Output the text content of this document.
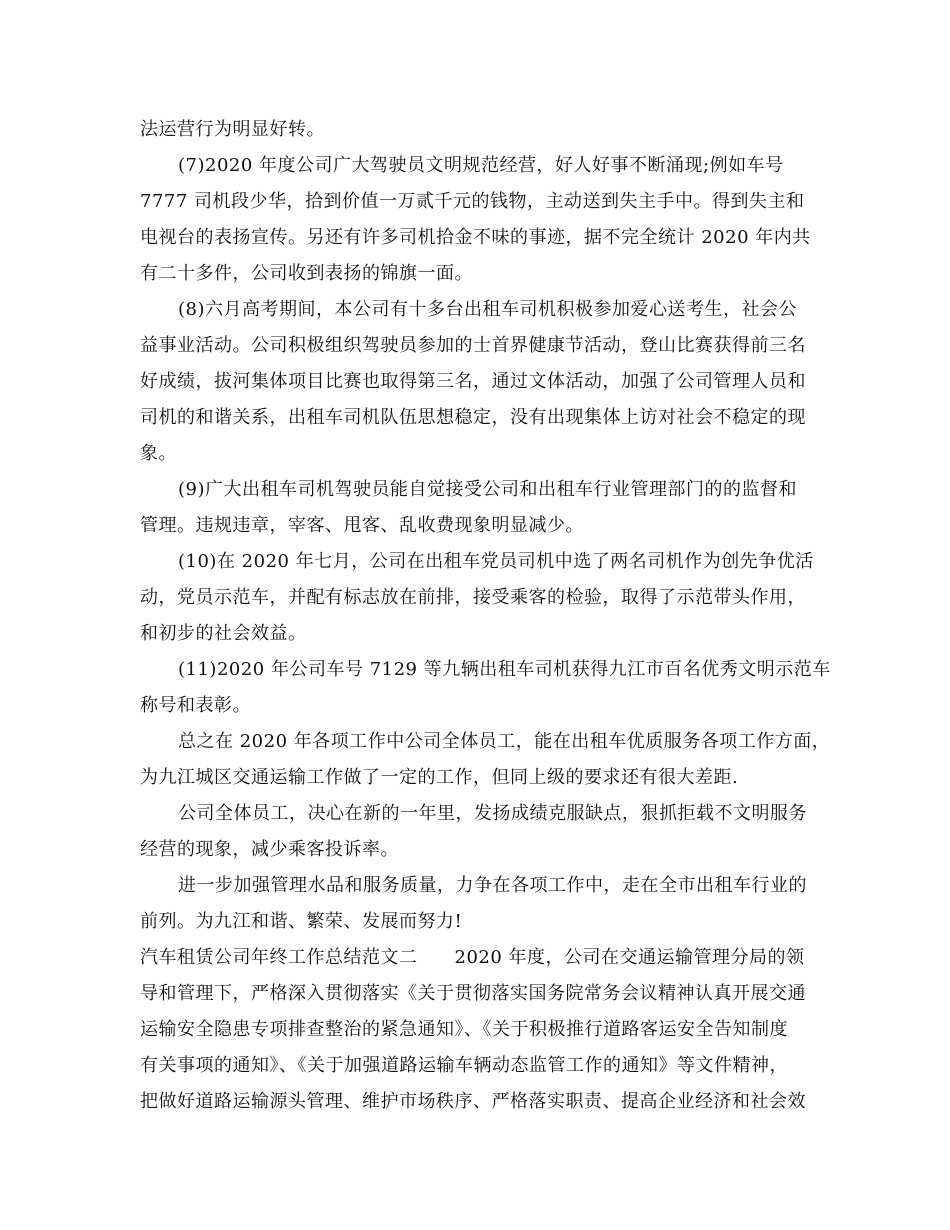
法运营行为明显好转。
(7)2020 年度公司广大驾驶员文明规范经营，好人好事不断涌现;例如车号
7777 司机段少华，拾到价值一万贰千元的钱物，主动送到失主手中。得到失主和
电视台的表扬宣传。另还有许多司机拾金不味的事迹，据不完全统计 2020 年内共
有二十多件，公司收到表扬的锦旗一面。
(8)六月高考期间，本公司有十多台出租车司机积极参加爱心送考生，社会公
益事业活动。公司积极组织驾驶员参加的士首界健康节活动，登山比赛获得前三名
好成绩，拔河集体项目比赛也取得第三名，通过文体活动，加强了公司管理人员和
司机的和谐关系，出租车司机队伍思想稳定，没有出现集体上访对社会不稳定的现
象。
(9)广大出租车司机驾驶员能自觉接受公司和出租车行业管理部门的的监督和
管理。违规违章，宰客、甩客、乱收费现象明显减少。
(10)在 2020 年七月，公司在出租车党员司机中选了两名司机作为创先争优活
动，党员示范车，并配有标志放在前排，接受乘客的检验，取得了示范带头作用，
和初步的社会效益。
(11)2020 年公司车号 7129 等九辆出租车司机获得九江市百名优秀文明示范车
称号和表彰。
总之在 2020 年各项工作中公司全体员工，能在出租车优质服务各项工作方面，
为九江城区交通运输工作做了一定的工作，但同上级的要求还有很大差距.
公司全体员工，决心在新的一年里，发扬成绩克服缺点，狠抓拒载不文明服务
经营的现象，减少乘客投诉率。
进一步加强管理水品和服务质量，力争在各项工作中，走在全市出租车行业的
前列。为九江和谐、繁荣、发展而努力!
汽车租赁公司年终工作总结范文二　　2020 年度，公司在交通运输管理分局的领
导和管理下，严格深入贯彻落实《关于贯彻落实国务院常务会议精神认真开展交通
运输安全隐患专项排查整治的紧急通知》、《关于积极推行道路客运安全告知制度
有关事项的通知》、《关于加强道路运输车辆动态监管工作的通知》等文件精神，
把做好道路运输源头管理、维护市场秩序、严格落实职责、提高企业经济和社会效
